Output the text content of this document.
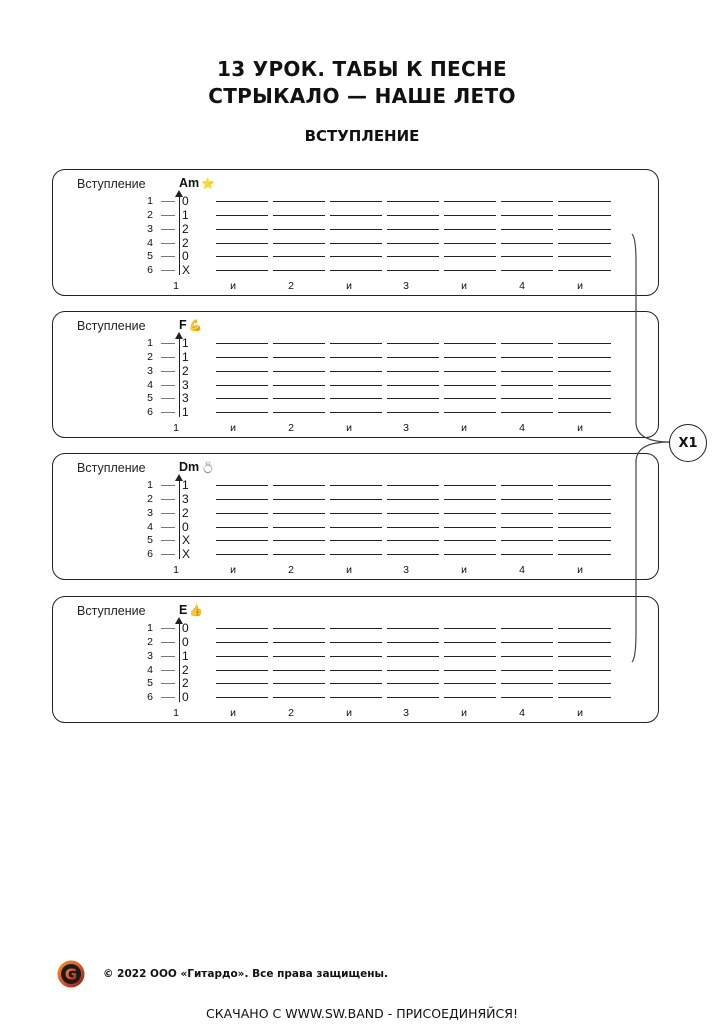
13 УРОК. ТАБЫ К ПЕСНЕ
СТРЫКАЛО — НАШЕ ЛЕТО
ВСТУПЛЕНИЕ
Вступление	Am ⭐
1 0
2 1
3 2
4 2
5 0
6 X
1	и	2	и	3	и	4	и
Вступление	F 💪
1 1
2 1
3 2
4 3
5 3
6 1
1	и	2	и	3	и	4	и
Вступление	Dm 💍
1 1
2 3
3 2
4 0
5 X
6 X
1	и	2	и	3	и	4	и
Вступление	E 👍
1 0
2 0
3 1
4 2
5 2
6 0
1	и	2	и	3	и	4	и
X1
G © 2022 ООО «Гитардо». Все права защищены.
СКАЧАНО С WWW.SW.BAND - ПРИСОЕДИНЯЙСЯ!
